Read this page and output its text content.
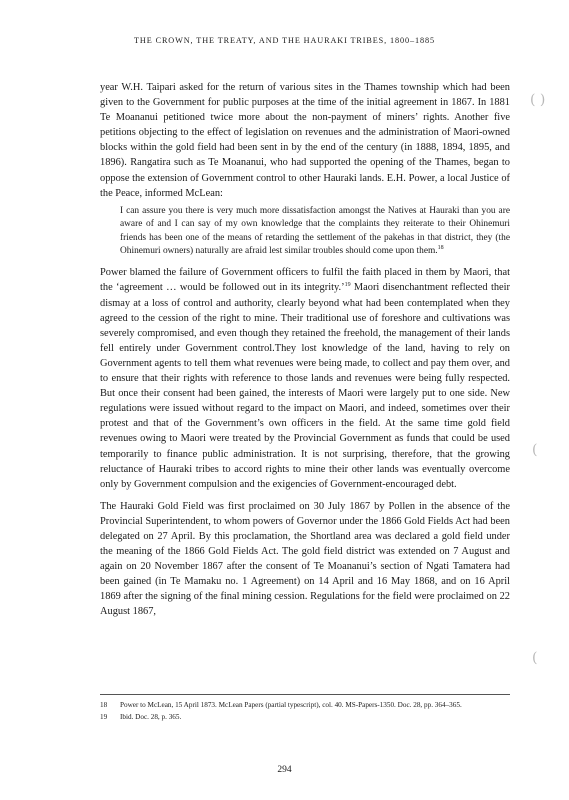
THE CROWN, THE TREATY, AND THE HAURAKI TRIBES, 1800–1885

year W.H. Taipari asked for the return of various sites in the Thames township which had been given to the Government for public purposes at the time of the initial agreement in 1867. In 1881 Te Moananui petitioned twice more about the non-payment of miners’ rights. Another five petitions objecting to the effect of legislation on revenues and the administration of Maori-owned blocks within the gold field had been sent in by the end of the century (in 1888, 1894, 1895, and 1896). Rangatira such as Te Moananui, who had supported the opening of the Thames, began to oppose the extension of Government control to other Hauraki lands. E.H. Power, a local Justice of the Peace, informed McLean:

I can assure you there is very much more dissatisfaction amongst the Natives at Hauraki than you are aware of and I can say of my own knowledge that the complaints they reiterate to their Ohinemuri friends has been one of the means of retarding the settlement of the pakehas in that district, they (the Ohinemuri owners) naturally are afraid lest similar troubles should come upon them.$^{18}$

Power blamed the failure of Government officers to fulfil the faith placed in them by Maori, that the ‘agreement … would be followed out in its integrity.’$^{19}$ Maori disenchantment reflected their dismay at a loss of control and authority, clearly beyond what had been contemplated when they agreed to the cession of the right to mine. Their traditional use of foreshore and cultivations was severely compromised, and even though they retained the freehold, the management of their lands fell entirely under Government control.They lost knowledge of the land, having to rely on Government agents to tell them what revenues were being made, to collect and pay them over, and to ensure that their rights with reference to those lands and revenues were being fully respected. But once their consent had been gained, the interests of Maori were largely put to one side. New regulations were issued without regard to the impact on Maori, and indeed, sometimes over their protest and that of the Government’s own officers in the field. At the same time gold field revenues owing to Maori were treated by the Provincial Government as funds that could be used temporarily to finance public administration. It is not surprising, therefore, that the growing reluctance of Hauraki tribes to accord rights to mine their other lands was eventually overcome only by Government compulsion and the exigencies of Government-encouraged debt.

The Hauraki Gold Field was first proclaimed on 30 July 1867 by Pollen in the absence of the Provincial Superintendent, to whom powers of Governor under the 1866 Gold Fields Act had been delegated on 27 April. By this proclamation, the Shortland area was declared a gold field under the meaning of the 1866 Gold Fields Act. The gold field district was extended on 7 August and again on 20 November 1867 after the consent of Te Moananui’s section of Ngati Tamatera had been gained (in Te Mamaku no. 1 Agreement) on 14 April and 16 May 1868, and on 16 April 1869 after the signing of the final mining cession. Regulations for the field were proclaimed on 22 August 1867,

18	Power to McLean, 15 April 1873. McLean Papers (partial typescript), col. 40. MS-Papers-1350. Doc. 28, pp. 364–365.
19	Ibid. Doc. 28, p. 365.
294
( )
(
(
